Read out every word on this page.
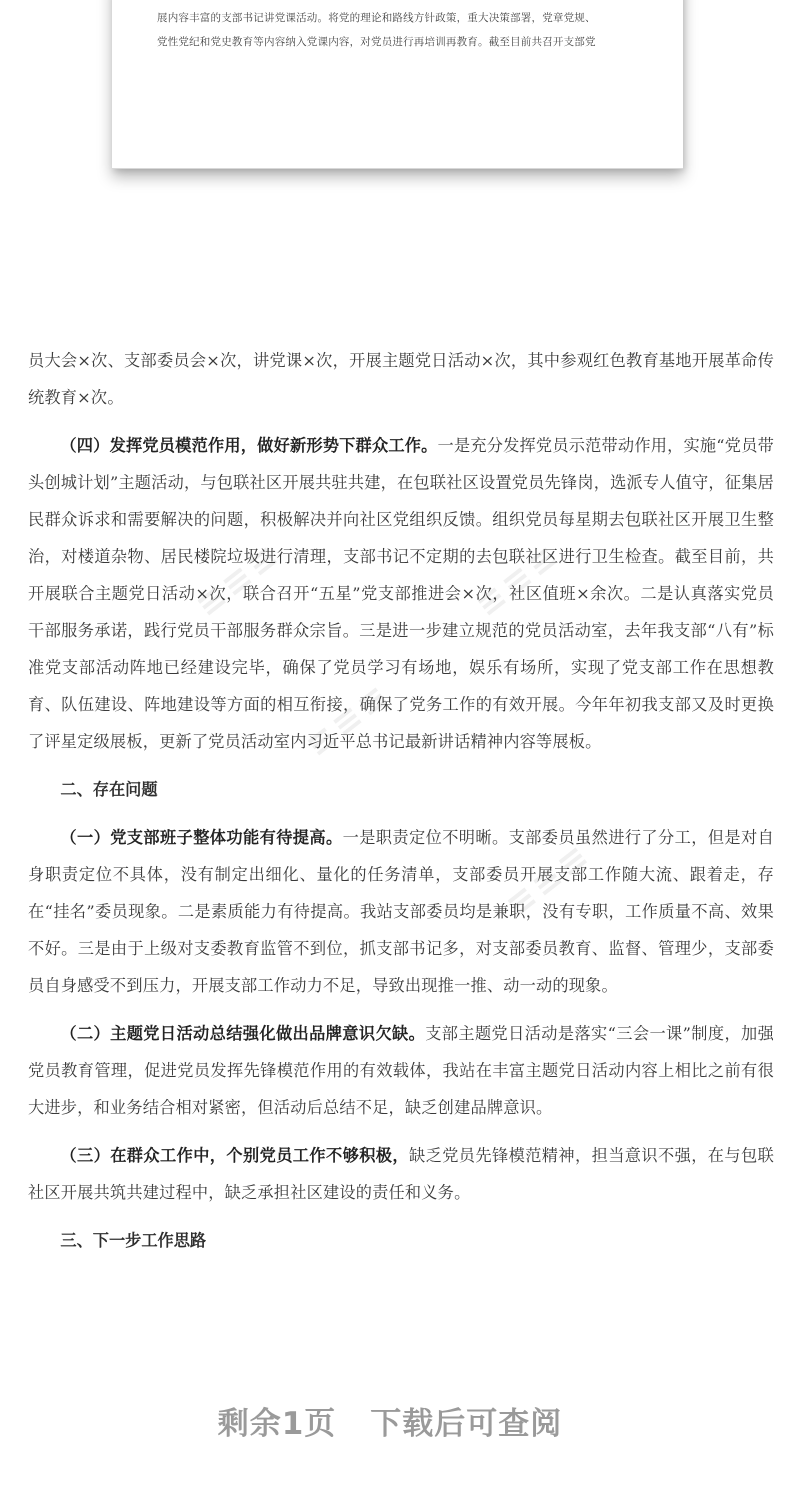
展内容丰富的支部书记讲党课活动。将党的理论和路线方针政策，重大决策部署，党章党规、
党性党纪和党史教育等内容纳入党课内容，对党员进行再培训再教育。截至目前共召开支部党

≡≡≡	≡≡≡
≡≡≡
≡≡≡

员大会×次、支部委员会×次，讲党课×次，开展主题党日活动×次，其中参观红色教育基地开展革命传统教育×次。

（四）发挥党员模范作用，做好新形势下群众工作。一是充分发挥党员示范带动作用，实施“党员带头创城计划”主题活动，与包联社区开展共驻共建，在包联社区设置党员先锋岗，选派专人值守，征集居民群众诉求和需要解决的问题，积极解决并向社区党组织反馈。组织党员每星期去包联社区开展卫生整治，对楼道杂物、居民楼院垃圾进行清理，支部书记不定期的去包联社区进行卫生检查。截至目前，共开展联合主题党日活动×次，联合召开“五星”党支部推进会×次，社区值班×余次。二是认真落实党员干部服务承诺，践行党员干部服务群众宗旨。三是进一步建立规范的党员活动室，去年我支部“八有”标准党支部活动阵地已经建设完毕，确保了党员学习有场地，娱乐有场所，实现了党支部工作在思想教育、队伍建设、阵地建设等方面的相互衔接，确保了党务工作的有效开展。今年年初我支部又及时更换了评星定级展板，更新了党员活动室内习近平总书记最新讲话精神内容等展板。

二、存在问题

（一）党支部班子整体功能有待提高。一是职责定位不明晰。支部委员虽然进行了分工，但是对自身职责定位不具体，没有制定出细化、量化的任务清单，支部委员开展支部工作随大流、跟着走，存在“挂名”委员现象。二是素质能力有待提高。我站支部委员均是兼职，没有专职，工作质量不高、效果不好。三是由于上级对支委教育监管不到位，抓支部书记多，对支部委员教育、监督、管理少，支部委员自身感受不到压力，开展支部工作动力不足，导致出现推一推、动一动的现象。

（二）主题党日活动总结强化做出品牌意识欠缺。支部主题党日活动是落实“三会一课”制度，加强党员教育管理，促进党员发挥先锋模范作用的有效载体，我站在丰富主题党日活动内容上相比之前有很大进步，和业务结合相对紧密，但活动后总结不足，缺乏创建品牌意识。

（三）在群众工作中，个别党员工作不够积极，缺乏党员先锋模范精神，担当意识不强，在与包联社区开展共筑共建过程中，缺乏承担社区建设的责任和义务。

三、下一步工作思路

剩余1页 下载后可查阅
